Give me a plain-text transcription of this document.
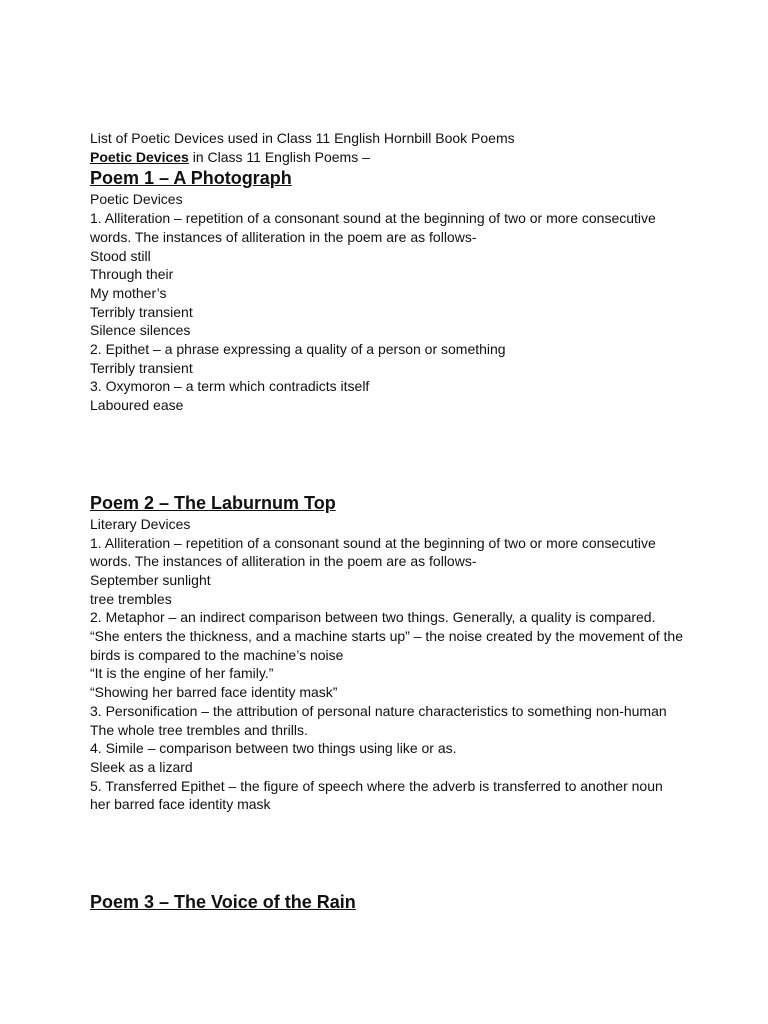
List of Poetic Devices used in Class 11 English Hornbill Book Poems

Poetic Devices in Class 11 English Poems –

Poem 1 – A Photograph

Poetic Devices

1. Alliteration – repetition of a consonant sound at the beginning of two or more consecutive words. The instances of alliteration in the poem are as follows-

Stood still

Through their

My mother’s

Terribly transient

Silence silences

2. Epithet – a phrase expressing a quality of a person or something

Terribly transient

3. Oxymoron – a term which contradicts itself

Laboured ease

Poem 2 – The Laburnum Top

Literary Devices

1. Alliteration – repetition of a consonant sound at the beginning of two or more consecutive words. The instances of alliteration in the poem are as follows-

September sunlight

tree trembles

2. Metaphor – an indirect comparison between two things. Generally, a quality is compared.

“She enters the thickness, and a machine starts up” – the noise created by the movement of the birds is compared to the machine’s noise

“It is the engine of her family.”

“Showing her barred face identity mask”

3. Personification – the attribution of personal nature characteristics to something non-human

The whole tree trembles and thrills.

4. Simile – comparison between two things using like or as.

Sleek as a lizard

5. Transferred Epithet – the figure of speech where the adverb is transferred to another noun

her barred face identity mask

Poem 3 – The Voice of the Rain
